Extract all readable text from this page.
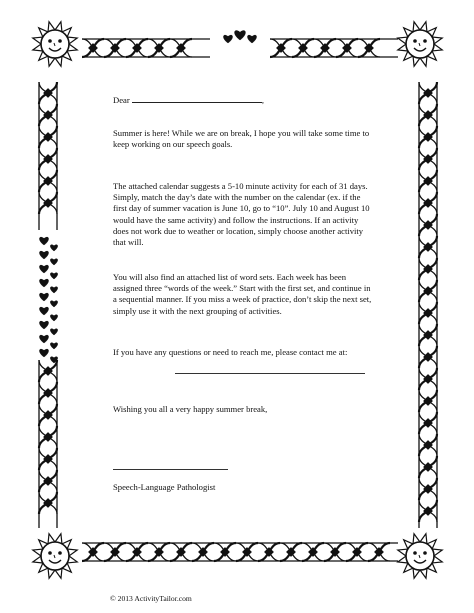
Dear	,

Summer is here! While we are on break, I hope you will take some time to keep working on our speech goals.

The attached calendar suggests a 5-10 minute activity for each of 31 days. Simply, match the day’s date with the number on the calendar (ex. if the first day of summer vacation is June 10, go to “10”. July 10 and August 10 would have the same activity) and follow the instructions. If an activity does not work due to weather or location, simply choose another activity that will.

You will also find an attached list of word sets. Each week has been assigned three “words of the week.” Start with the first set, and continue in a sequential manner. If you miss a week of practice, don’t skip the next set, simply use it with the next grouping of activities.

If you have any questions or need to reach me, please contact me at:

Wishing you all a very happy summer break,

Speech-Language Pathologist

© 2013 ActivityTailor.com
